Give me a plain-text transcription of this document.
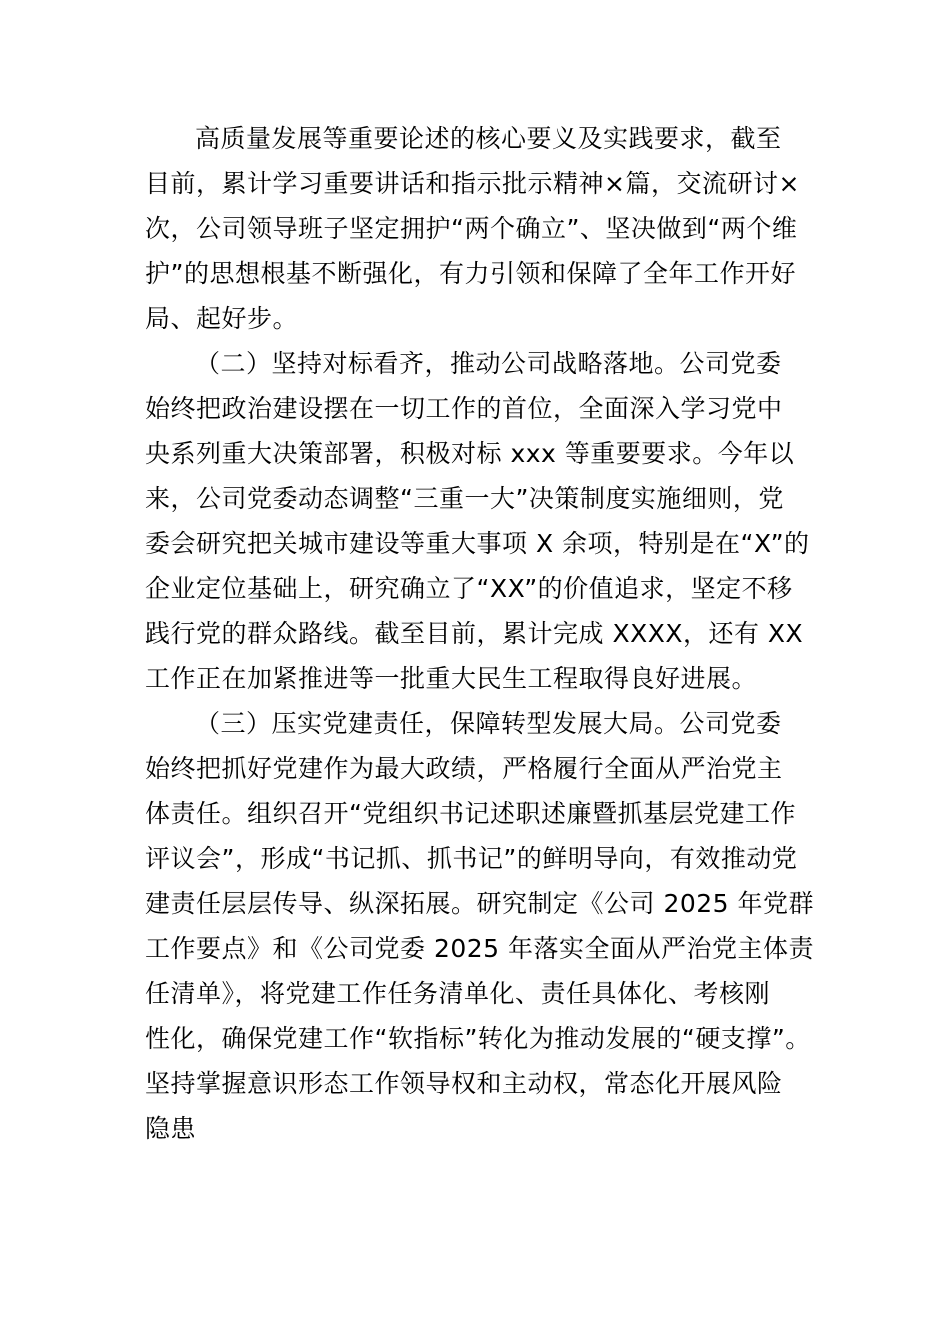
高质量发展等重要论述的核心要义及实践要求，截至
目前，累计学习重要讲话和指示批示精神×篇，交流研讨×
次，公司领导班子坚定拥护“两个确立”、坚决做到“两个维
护”的思想根基不断强化，有力引领和保障了全年工作开好
局、起好步。
（二）坚持对标看齐，推动公司战略落地。公司党委
始终把政治建设摆在一切工作的首位，全面深入学习党中
央系列重大决策部署，积极对标 xxx 等重要要求。今年以
来，公司党委动态调整“三重一大”决策制度实施细则，党
委会研究把关城市建设等重大事项 X 余项，特别是在“X”的
企业定位基础上，研究确立了“XX”的价值追求，坚定不移
践行党的群众路线。截至目前，累计完成 XXXX，还有 XX
工作正在加紧推进等一批重大民生工程取得良好进展。
（三）压实党建责任，保障转型发展大局。公司党委
始终把抓好党建作为最大政绩，严格履行全面从严治党主
体责任。组织召开“党组织书记述职述廉暨抓基层党建工作
评议会”，形成“书记抓、抓书记”的鲜明导向，有效推动党
建责任层层传导、纵深拓展。研究制定《公司 2025 年党群
工作要点》和《公司党委 2025 年落实全面从严治党主体责
任清单》，将党建工作任务清单化、责任具体化、考核刚
性化，确保党建工作“软指标”转化为推动发展的“硬支撑”。
坚持掌握意识形态工作领导权和主动权，常态化开展风险
隐患
